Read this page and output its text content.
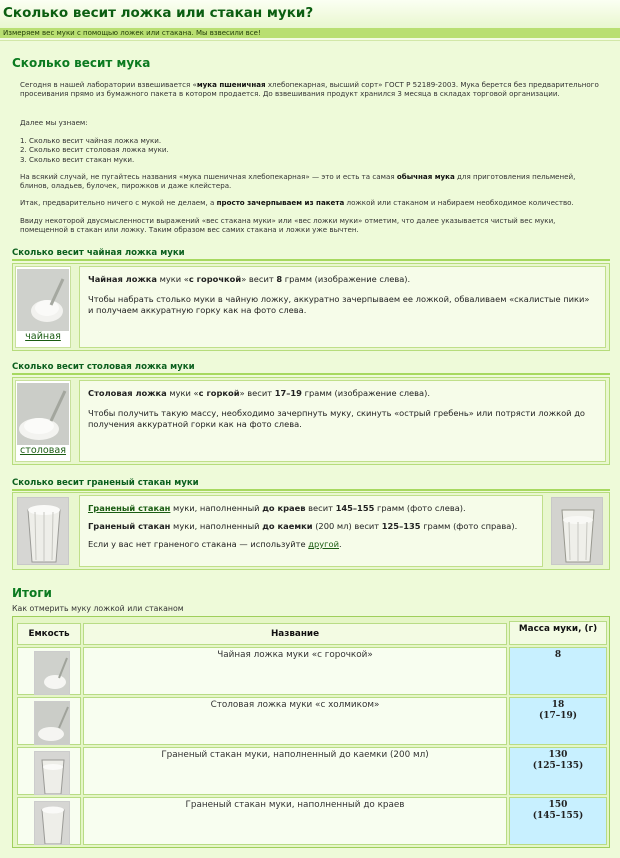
Сколько весит ложка или стакан муки?
Измеряем вес муки с помощью ложек или стакана. Мы взвесили все!
Сколько весит мука
Сегодня в нашей лаборатории взвешивается «мука пшеничная хлебопекарная, высший сорт» ГОСТ Р 52189-2003. Мука берется без предварительного просеивания прямо из бумажного пакета в котором продается. До взвешивания продукт хранился 3 месяца в складах торговой организации.
Далее мы узнаем:
1. Сколько весит чайная ложка муки.
2. Сколько весит столовая ложка муки.
3. Сколько весит стакан муки.
На всякий случай, не пугайтесь названия «мука пшеничная хлебопекарная» — это и есть та самая обычная мука для приготовления пельменей, блинов, оладьев, булочек, пирожков и даже клейстера.
Итак, предварительно ничего с мукой не делаем, а просто зачерпываем из пакета ложкой или стаканом и набираем необходимое количество.
Ввиду некоторой двусмысленности выражений «вес стакана муки» или «вес ложки муки» отметим, что далее указывается чистый вес муки, помещенной в стакан или ложку. Таким образом вес самих стакана и ложки уже вычтен.
Сколько весит чайная ложка муки
чайная

Чайная ложка муки «с горочкой» весит 8 грамм (изображение слева).

Чтобы набрать столько муки в чайную ложку, аккуратно зачерпываем ее ложкой, обваливаем «скалистые пики» и получаем аккуратную горку как на фото слева.

Сколько весит столовая ложка муки
столовая

Столовая ложка муки «с горкой» весит 17–19 грамм (изображение слева).

Чтобы получить такую массу, необходимо зачерпнуть муку, скинуть «острый гребень» или потрясти ложкой до получения аккуратной горки как на фото слева.

Сколько весит граненый стакан муки

Граненый стакан муки, наполненный до краев весит 145–155 грамм (фото слева).

Граненый стакан муки, наполненный до каемки (200 мл) весит 125–135 грамм (фото справа).

Если у вас нет граненого стакана — используйте другой.

Итоги
Как отмерить муку ложкой или стаканом
Емкость	Название	Масса муки, (г)
Чайная ложка муки «с горочкой»	8
Столовая ложка муки «с холмиком»	18
(17–19)
Граненый стакан муки, наполненный до каемки (200 мл)	130
(125–135)
Граненый стакан муки, наполненный до краев	150
(145–155)
